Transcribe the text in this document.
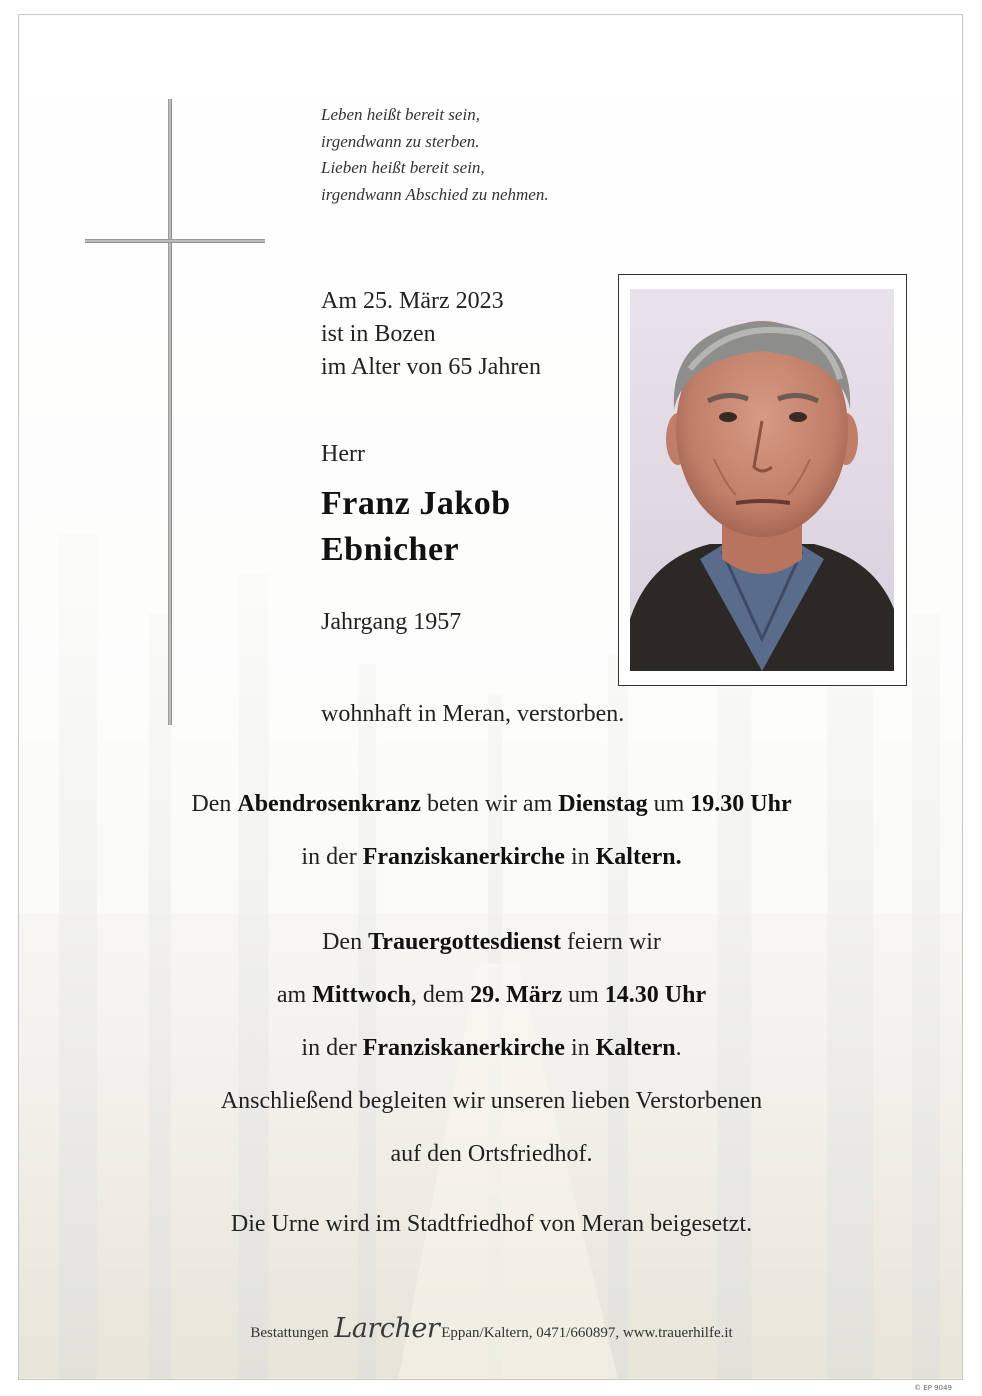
Leben heißt bereit sein,
irgendwann zu sterben.
Lieben heißt bereit sein,
irgendwann Abschied zu nehmen.
Am 25. März 2023
ist in Bozen
im Alter von 65 Jahren
Herr
Franz Jakob
Ebnicher
Jahrgang 1957
wohnhaft in Meran, verstorben.
Den Abendrosenkranz beten wir am Dienstag um 19.30 Uhr
in der Franziskanerkirche in Kaltern.
Den Trauergottesdienst feiern wir
am Mittwoch, dem 29. März um 14.30 Uhr
in der Franziskanerkirche in Kaltern.
Anschließend begleiten wir unseren lieben Verstorbenen
auf den Ortsfriedhof.
Die Urne wird im Stadtfriedhof von Meran beigesetzt.
Bestattungen Larcher Eppan/Kaltern, 0471/660897, www.trauerhilfe.it
© EP 9049
